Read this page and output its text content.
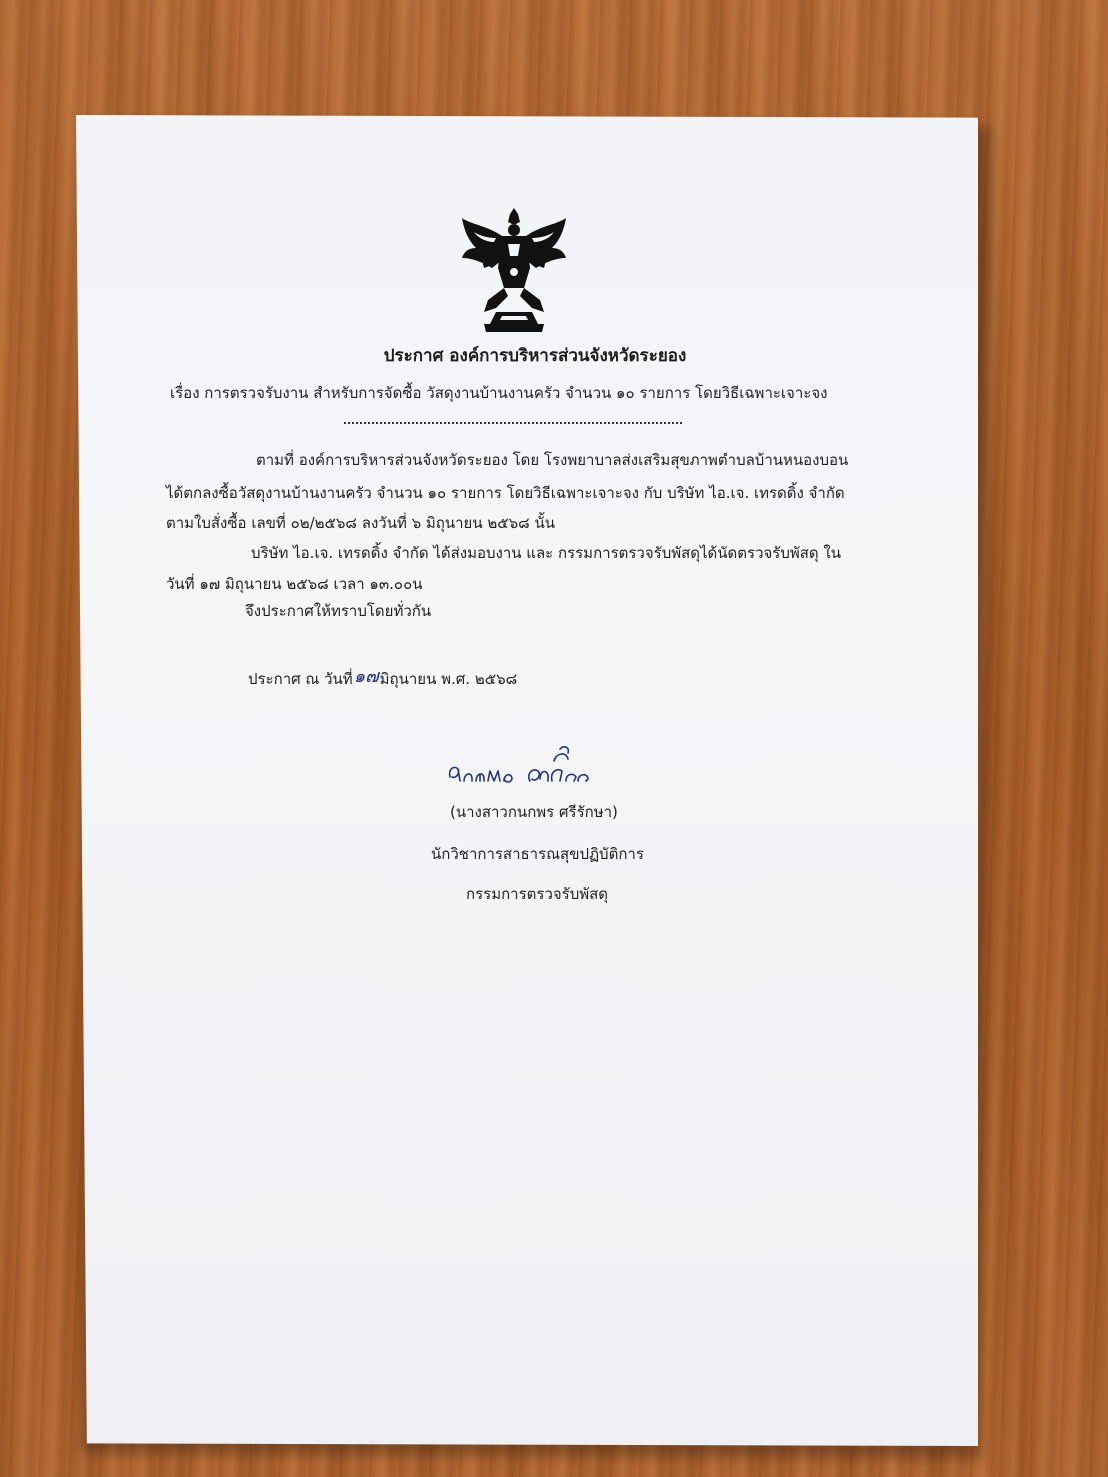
ประกาศ องค์การบริหารส่วนจังหวัดระยอง
เรื่อง การตรวจรับงาน สำหรับการจัดซื้อ วัสดุงานบ้านงานครัว จำนวน ๑๐ รายการ โดยวิธีเฉพาะเจาะจง
ตามที่ องค์การบริหารส่วนจังหวัดระยอง โดย โรงพยาบาลส่งเสริมสุขภาพตำบลบ้านหนองบอน
ได้ตกลงซื้อวัสดุงานบ้านงานครัว จำนวน ๑๐ รายการ โดยวิธีเฉพาะเจาะจง กับ บริษัท ไอ.เจ. เทรดดิ้ง จำกัด
ตามใบสั่งซื้อ เลขที่ ๐๒/๒๕๖๘ ลงวันที่ ๖ มิถุนายน ๒๕๖๘ นั้น
บริษัท ไอ.เจ. เทรดดิ้ง จำกัด ได้ส่งมอบงาน และ กรรมการตรวจรับพัสดุได้นัดตรวจรับพัสดุ ใน
วันที่ ๑๗ มิถุนายน ๒๕๖๘ เวลา ๑๓.๐๐น
จึงประกาศให้ทราบโดยทั่วกัน
ประกาศ ณ วันที่๑๗มิถุนายน พ.ศ. ๒๕๖๘
(นางสาวกนกพร ศรีรักษา)
นักวิชาการสาธารณสุขปฏิบัติการ
กรรมการตรวจรับพัสดุ
